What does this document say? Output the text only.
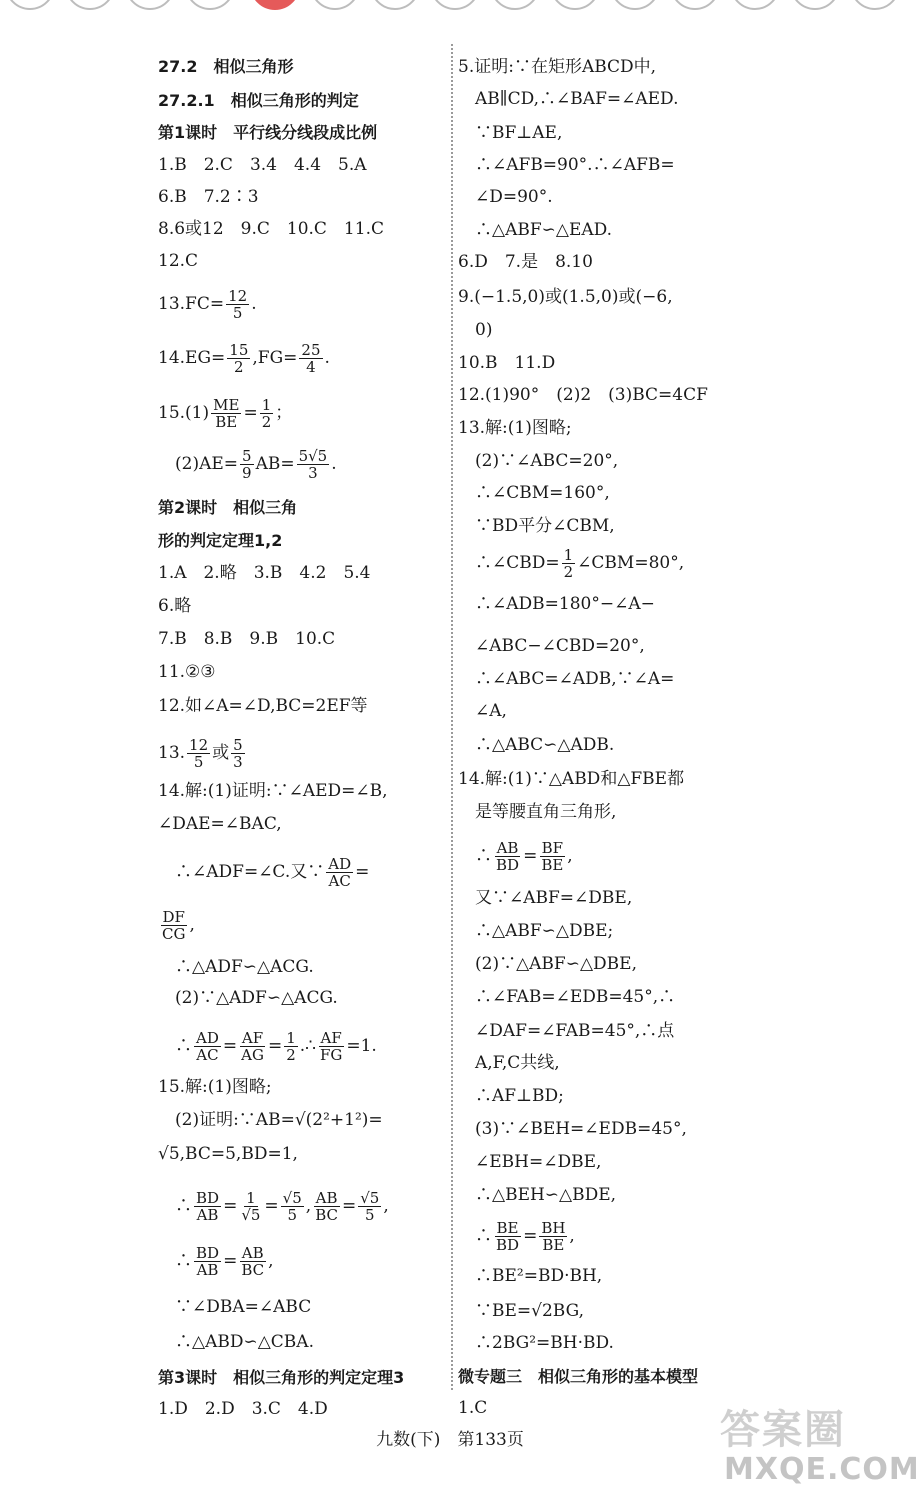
27.2　相似三角形
27.2.1　相似三角形的判定
第1课时　平行线分线段成比例
1.B　2.C　3.4　4.4　5.A
6.B　7.2∶3
8.6或12　9.C　10.C　11.C
12.C
$13.FC= \frac{12}{5}$ .
$14.EG= \frac{15}{2} ,FG= \frac{25}{4}$ .
$15.(1) \frac{ME}{BE} = \frac{1}{2}$ ；
　$(2)AE= \frac{5}{9} AB= \frac{5√5}{3}$ .
第2课时　相似三角
形的判定定理1,2
1.A　2.略　3.B　4.2　5.4
6.略
7.B　8.B　9.B　10.C
11.②③
12.如∠A=∠D,BC=2EF等
13. $\frac{12}{5}$ 或 $\frac{5}{3}$
14.解:(1)证明:∵∠AED=∠B,
∠DAE=∠BAC,
　∴∠ADF=∠C.又∵ $\frac{AD}{AC}$ =
$\frac{DF}{CG}$ ,
　∴△ADF∽△ACG.
　(2)∵△ADF∽△ACG.
　∴ $\frac{AD}{AC} = \frac{AF}{AG} = \frac{1}{2}$ .∴ $\frac{AF}{FG} =1$.
15.解:(1)图略;
　(2)证明:∵AB=√(2²+1²)=
√5,BC=5,BD=1,
　∴ $\frac{BD}{AB} = \frac{1}{√5} = \frac{√5}{5}$ , $\frac{AB}{BC} = \frac{√5}{5}$ ,
　∴ $\frac{BD}{AB} = \frac{AB}{BC}$ ,
　∵∠DBA=∠ABC
　∴△ABD∽△CBA.
第3课时　相似三角形的判定定理3
1.D　2.D　3.C　4.D
5.证明:∵在矩形ABCD中,
　AB∥CD,∴∠BAF=∠AED.
　∵BF⊥AE,
　∴∠AFB=90°.∴∠AFB=
　∠D=90°.
　∴△ABF∽△EAD.
6.D　7.是　8.10
9.(−1.5,0)或(1.5,0)或(−6,
　0)
10.B　11.D
12.(1)90°　(2)2　(3)BC=4CF
13.解:(1)图略;
　(2)∵∠ABC=20°,
　∴∠CBM=160°,
　∵BD平分∠CBM,
　∴∠CBD= $\frac{1}{2}$ ∠CBM=80°,
　∴∠ADB=180°−∠A−
　∠ABC−∠CBD=20°,
　∴∠ABC=∠ADB,∵∠A=
　∠A,
　∴△ABC∽△ADB.
14.解:(1)∵△ABD和△FBE都
　是等腰直角三角形,
　∴ $\frac{AB}{BD} = \frac{BF}{BE}$ ,
　又∵∠ABF=∠DBE,
　∴△ABF∽△DBE;
　(2)∵△ABF∽△DBE,
　∴∠FAB=∠EDB=45°,∴
　∠DAF=∠FAB=45°,∴点
　A,F,C共线,
　∴AF⊥BD;
　(3)∵∠BEH=∠EDB=45°,
　∠EBH=∠DBE,
　∴△BEH∽△BDE,
　∴ $\frac{BE}{BD} = \frac{BH}{BE}$ ,
　∴BE²=BD·BH,
　∵BE=√2BG,
　∴2BG²=BH·BD.
微专题三　相似三角形的基本模型
1.C
九数(下)　第133页	答案圈
MXQE.COM
